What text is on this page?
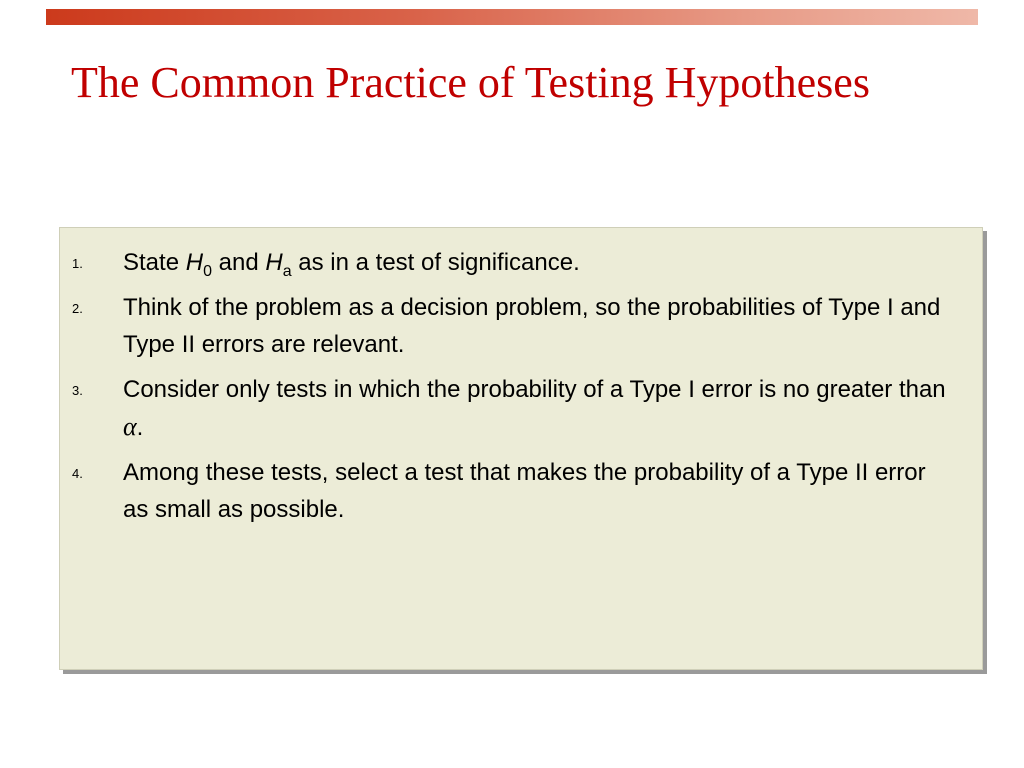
The Common Practice of Testing Hypotheses
1. State $H_0$ and $H_a$ as in a test of significance.
2. Think of the problem as a decision problem, so the probabilities of Type I and Type II errors are relevant.
3. Consider only tests in which the probability of a Type I error is no greater than α.
4. Among these tests, select a test that makes the probability of a Type II error as small as possible.
